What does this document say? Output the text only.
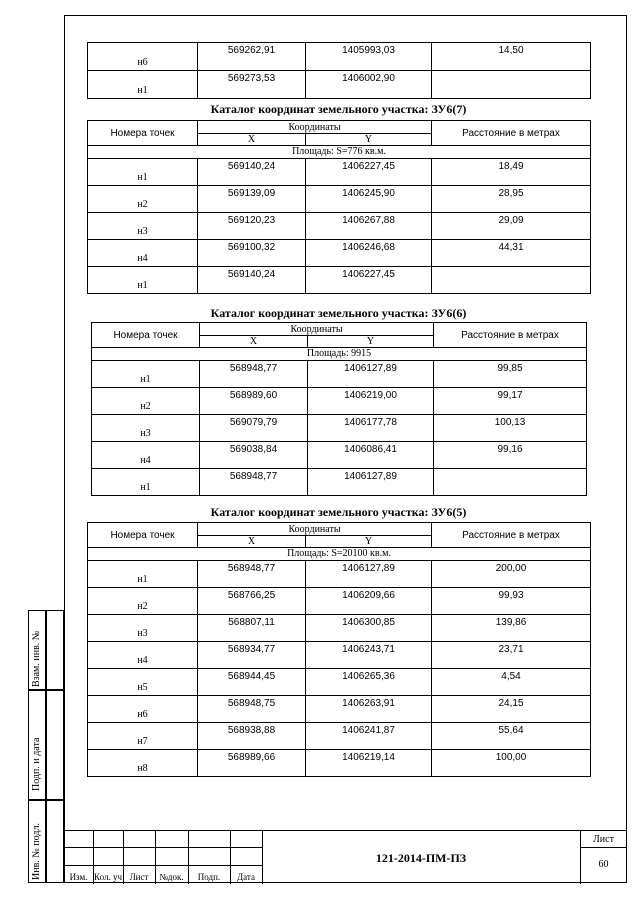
н6	569262,91	1405993,03	14,50
н1	569273,53	1406002,90	
Каталог координат земельного участка: ЗУ6(7)
Номера точек	Координаты		Расстояние в метрах
	X	Y	
Площадь: S=776 кв.м.			
н1	569140,24	1406227,45	18,49
н2	569139,09	1406245,90	28,95
н3	569120,23	1406267,88	29,09
н4	569100,32	1406246,68	44,31
н1	569140,24	1406227,45	
Каталог координат земельного участка: ЗУ6(6)
Номера точек	Координаты		Расстояние в метрах
	X	Y	
Площадь: 9915			
н1	568948,77	1406127,89	99,85
н2	568989,60	1406219,00	99,17
н3	569079,79	1406177,78	100,13
н4	569038,84	1406086,41	99,16
н1	568948,77	1406127,89	
Каталог координат земельного участка: ЗУ6(5)
Номера точек	Координаты		Расстояние в метрах
	X	Y	
Площадь: S=20100 кв.м.			
н1	568948,77	1406127,89	200,00
н2	568766,25	1406209,66	99,93
н3	568807,11	1406300,85	139,86
н4	568934,77	1406243,71	23,71
н5	568944,45	1406265,36	4,54
н6	568948,75	1406263,91	24,15
н7	568938,88	1406241,87	55,64
н8	568989,66	1406219,14	100,00
Взам. инв. №
Подп. и дата
Инв. № подл.	Изм. Кол. уч Лист	№док.	Подп.	Дата
121-2014-ПМ-ПЗ
Лист
60
